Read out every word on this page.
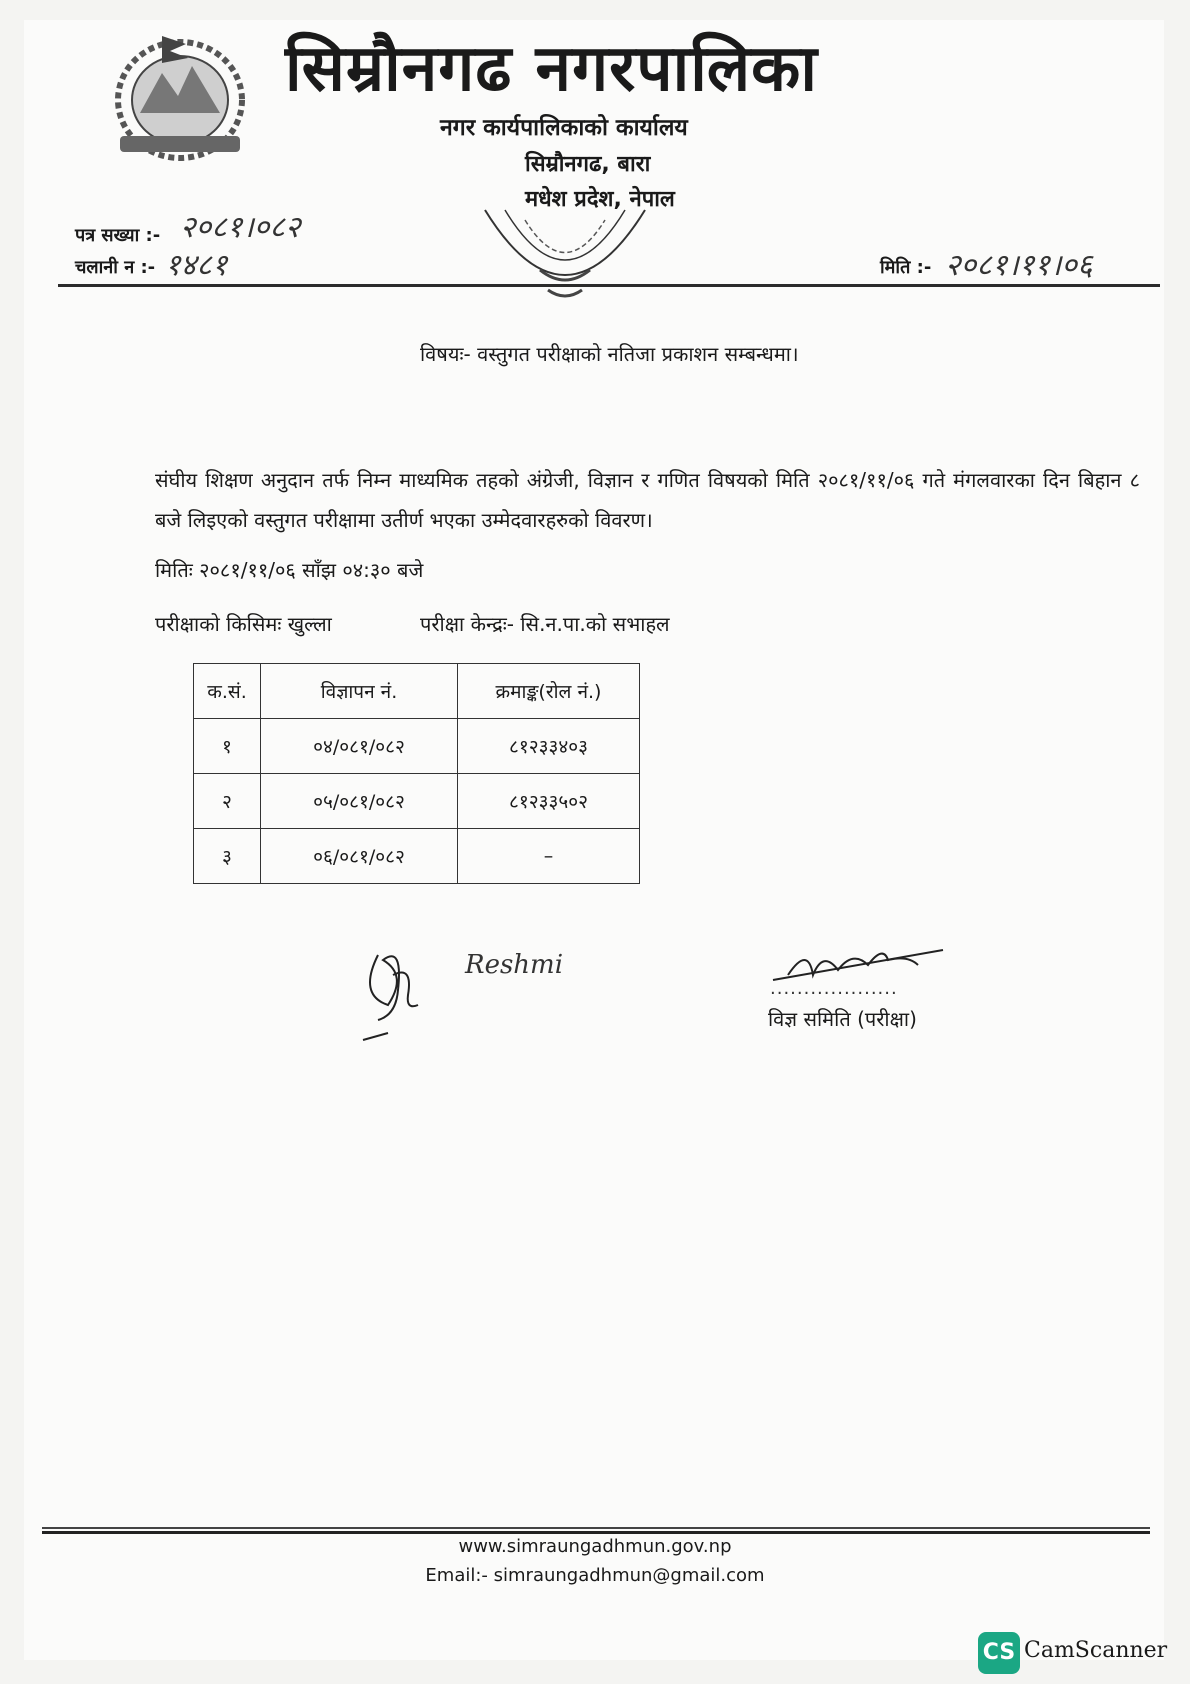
सिम्रौनगढ नगरपालिका
नगर कार्यपालिकाको कार्यालय
सिम्रौनगढ, बारा
मधेश प्रदेश, नेपाल
पत्र सख्या :- २०८१।०८२
चलानी न :- १४८१	मिति :- २०८१।११।०६
विषयः- वस्तुगत परीक्षाको नतिजा प्रकाशन सम्बन्धमा।
संघीय शिक्षण अनुदान तर्फ निम्न माध्यमिक तहको अंग्रेजी, विज्ञान र गणित विषयको मिति २०८१/११/०६ गते मंगलवारका दिन बिहान ८ बजे लिइएको वस्तुगत परीक्षामा उतीर्ण भएका उम्मेदवारहरुको विवरण।
मितिः २०८१/११/०६ साँझ ०४:३० बजे
परीक्षाको किसिमः खुल्ला	परीक्षा केन्द्रः- सि.न.पा.को सभाहल
क.सं.	विज्ञापन नं.	क्रमाङ्क(रोल नं.)
१	०४/०८१/०८२	८१२३३४०३
२	०५/०८१/०८२	८१२३३५०२
३	०६/०८१/०८२	–
Reshmi
...................
विज्ञ समिति (परीक्षा)
www.simraungadhmun.gov.np
Email:- simraungadhmun@gmail.com
CS CamScanner
